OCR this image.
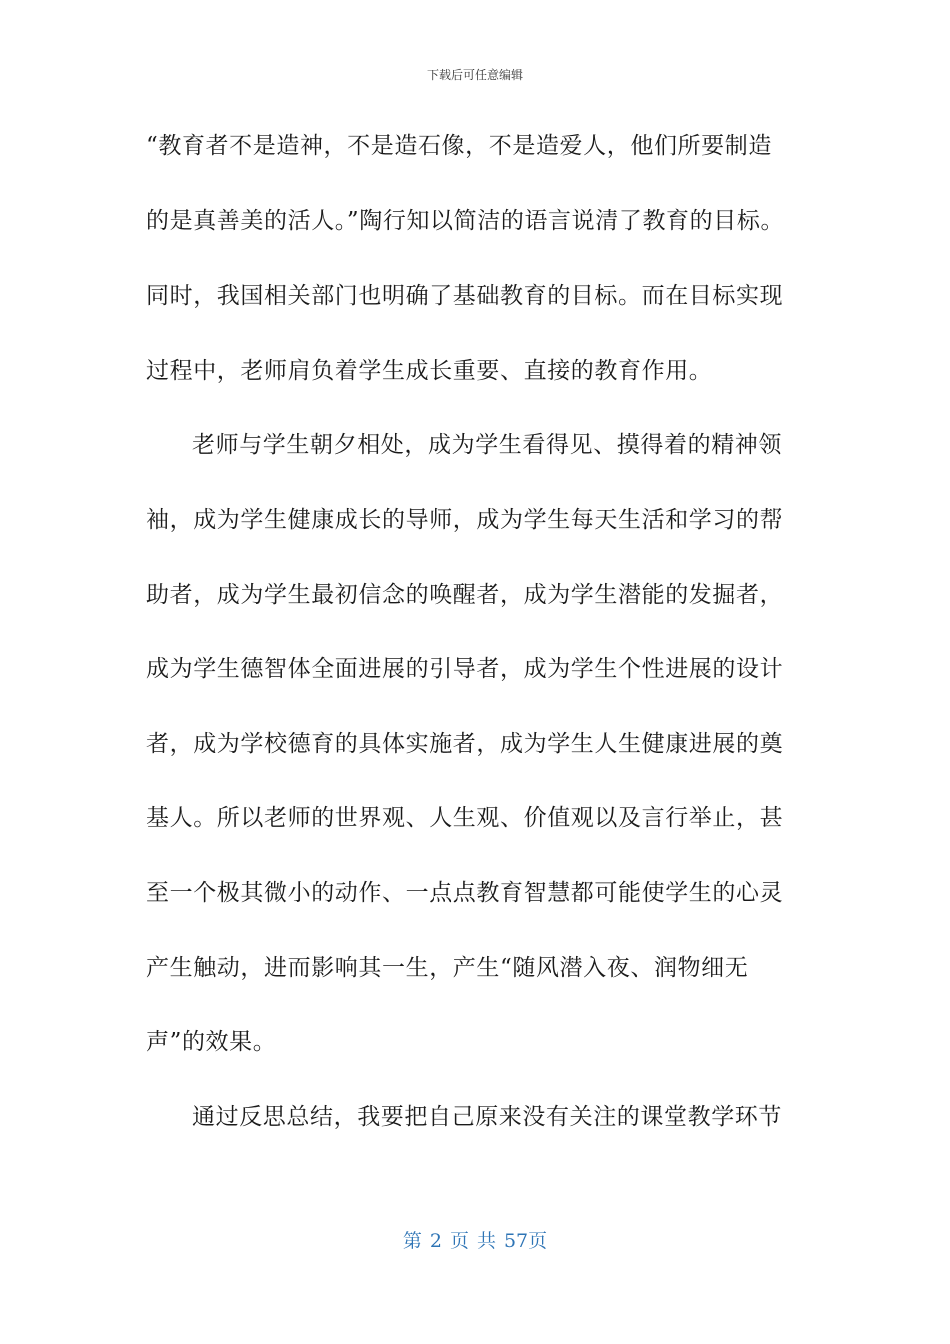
下载后可任意编辑
“教育者不是造神，不是造石像，不是造爱人，他们所要制造
的是真善美的活人。”陶行知以简洁的语言说清了教育的目标。
同时，我国相关部门也明确了基础教育的目标。而在目标实现
过程中，老师肩负着学生成长重要、直接的教育作用。
老师与学生朝夕相处，成为学生看得见、摸得着的精神领
袖，成为学生健康成长的导师，成为学生每天生活和学习的帮
助者，成为学生最初信念的唤醒者，成为学生潜能的发掘者，
成为学生德智体全面进展的引导者，成为学生个性进展的设计
者，成为学校德育的具体实施者，成为学生人生健康进展的奠
基人。所以老师的世界观、人生观、价值观以及言行举止，甚
至一个极其微小的动作、一点点教育智慧都可能使学生的心灵
产生触动，进而影响其一生，产生“随风潜入夜、润物细无
声”的效果。
通过反思总结，我要把自己原来没有关注的课堂教学环节
第 2 页 共 57页
